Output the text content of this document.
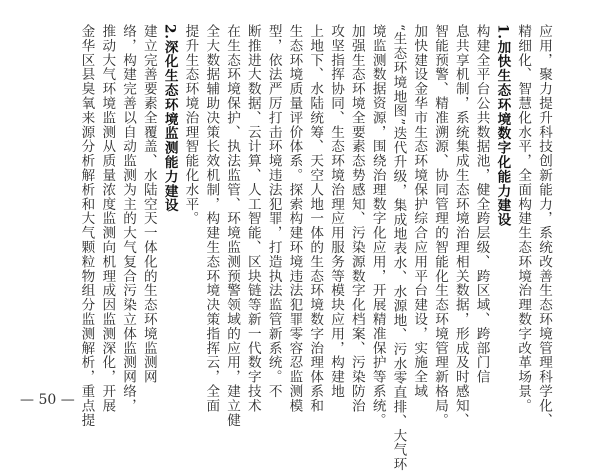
应用，聚力提升科技创新能力，系统改善生态环境管理科学化、
精细化、智慧化水平，全面构建生态环境治理数字改革场景。
1.加快生态环境数字化能力建设
构建全平台公共数据池，健全跨层级、跨区域、跨部门信
息共享机制，系统集成生态环境治理相关数据，形成及时感知、
智能预警、精准溯源、协同管理的智能化生态环境管理新格局。
加快建设金华市生态环境保护综合应用平台建设，实施全域
“生态环境地图”迭代升级，集成地表水、水源地、污水零直排、大气环
境监测数据资源，围绕治理数字化应用，开展精准保护等系统。
加强生态环境全要素态势感知、污染源数字化档案、污染防治
攻坚指挥协同、生态环境治理应用服务等模块应用，构建地
上地下、水陆统筹、天空人地一体的生态环境数字治理体系和
生态环境质量评价体系。探索构建环境违法犯罪零容忍监测模
型，依法严厉打击环境违法犯罪，打造执法监管新系统。不
断推进大数据、云计算、人工智能、区块链等新一代数字技术
在生态环境保护、执法监管、环境监测预警领域的应用，建立健
全大数据辅助决策长效机制，构建生态环境决策指挥云，全面
提升生态环境治理智能化水平。
2.深化生态环境监测能力建设
建立完善要素全覆盖、水陆空天一体化的生态环境监测网
络，构建完善以自动监测为主的大气复合污染立体监测网络，
推动大气环境监测从质量浓度监测向机理成因监测深化，开展
金华区县臭氧来源分析解析和大气颗粒物组分监测解析，重点提
— 50 —
